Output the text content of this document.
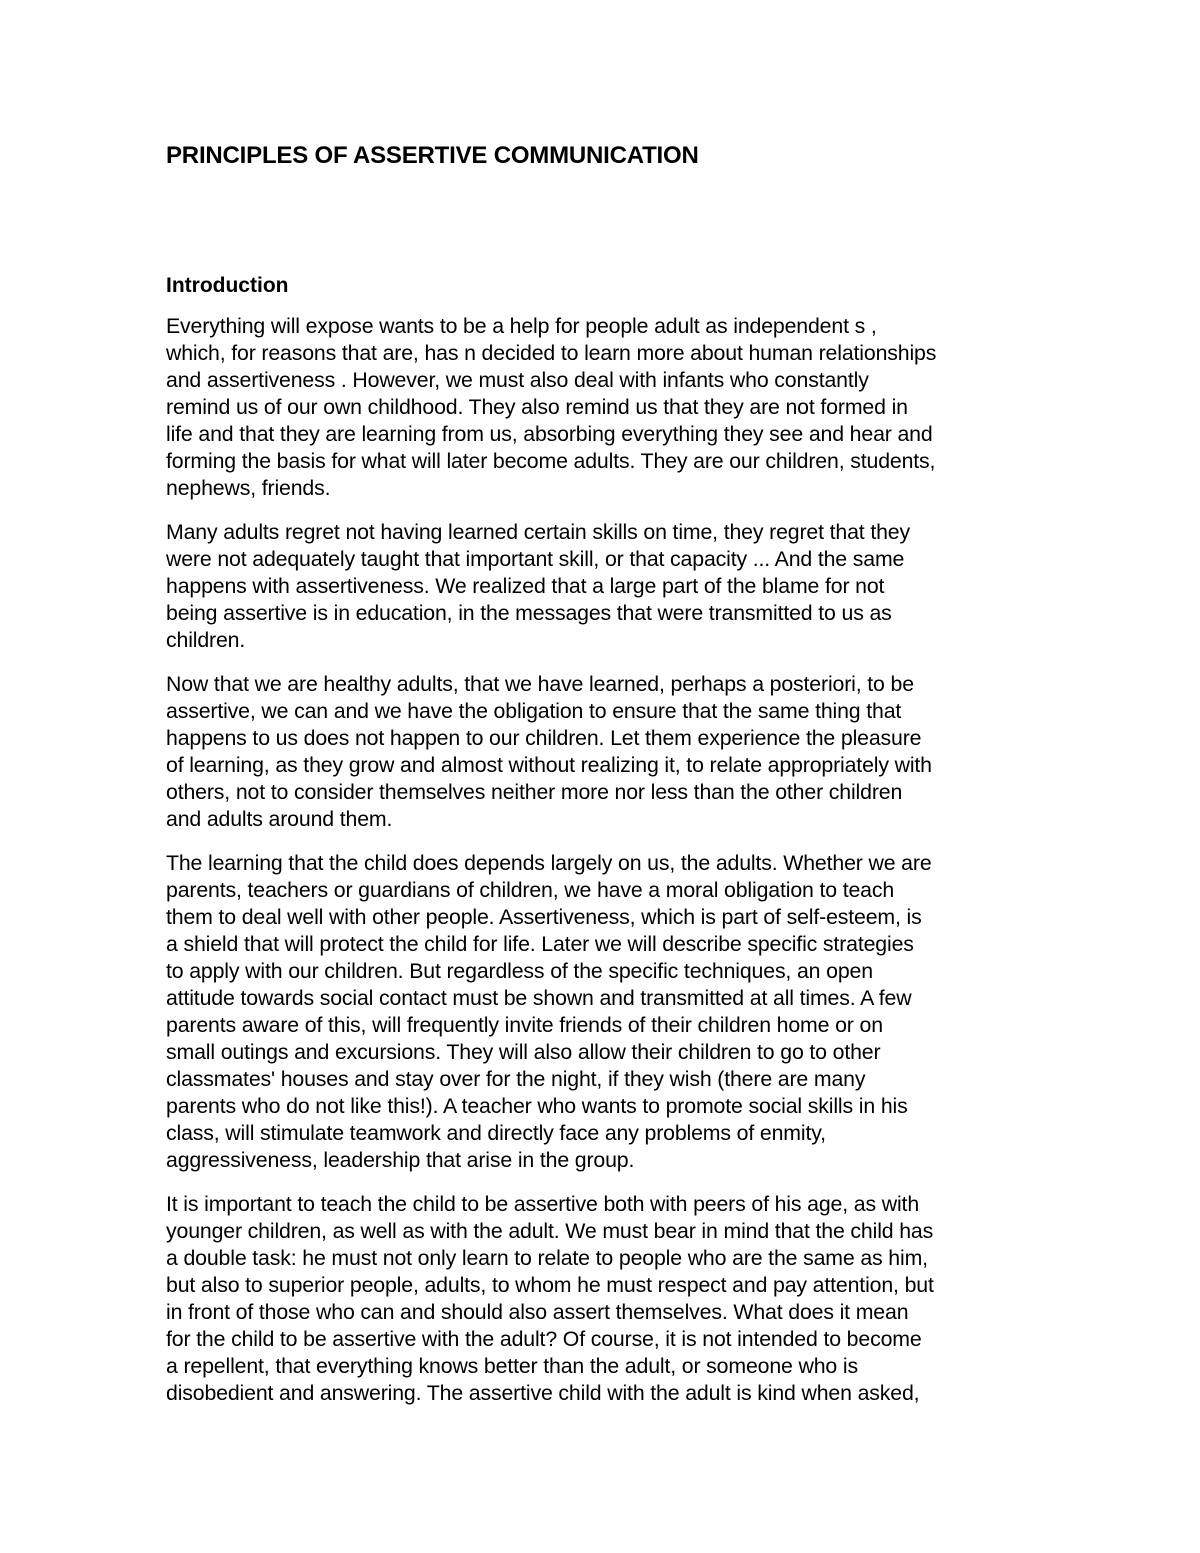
PRINCIPLES OF ASSERTIVE COMMUNICATION
Introduction

Everything will expose wants to be a help for people adult as independent s ,
which, for reasons that are, has n decided to learn more about human relationships
and assertiveness . However, we must also deal with infants who constantly
remind us of our own childhood. They also remind us that they are not formed in
life and that they are learning from us, absorbing everything they see and hear and
forming the basis for what will later become adults. They are our children, students,
nephews, friends.

Many adults regret not having learned certain skills on time, they regret that they
were not adequately taught that important skill, or that capacity ... And the same
happens with assertiveness. We realized that a large part of the blame for not
being assertive is in education, in the messages that were transmitted to us as
children.

Now that we are healthy adults, that we have learned, perhaps a posteriori, to be
assertive, we can and we have the obligation to ensure that the same thing that
happens to us does not happen to our children. Let them experience the pleasure
of learning, as they grow and almost without realizing it, to relate appropriately with
others, not to consider themselves neither more nor less than the other children
and adults around them.

The learning that the child does depends largely on us, the adults. Whether we are
parents, teachers or guardians of children, we have a moral obligation to teach
them to deal well with other people. Assertiveness, which is part of self-esteem, is
a shield that will protect the child for life. Later we will describe specific strategies
to apply with our children. But regardless of the specific techniques, an open
attitude towards social contact must be shown and transmitted at all times. A few
parents aware of this, will frequently invite friends of their children home or on
small outings and excursions. They will also allow their children to go to other
classmates' houses and stay over for the night, if they wish (there are many
parents who do not like this!). A teacher who wants to promote social skills in his
class, will stimulate teamwork and directly face any problems of enmity,
aggressiveness, leadership that arise in the group.

It is important to teach the child to be assertive both with peers of his age, as with
younger children, as well as with the adult. We must bear in mind that the child has
a double task: he must not only learn to relate to people who are the same as him,
but also to superior people, adults, to whom he must respect and pay attention, but
in front of those who can and should also assert themselves. What does it mean
for the child to be assertive with the adult? Of course, it is not intended to become
a repellent, that everything knows better than the adult, or someone who is
disobedient and answering. The assertive child with the adult is kind when asked,
